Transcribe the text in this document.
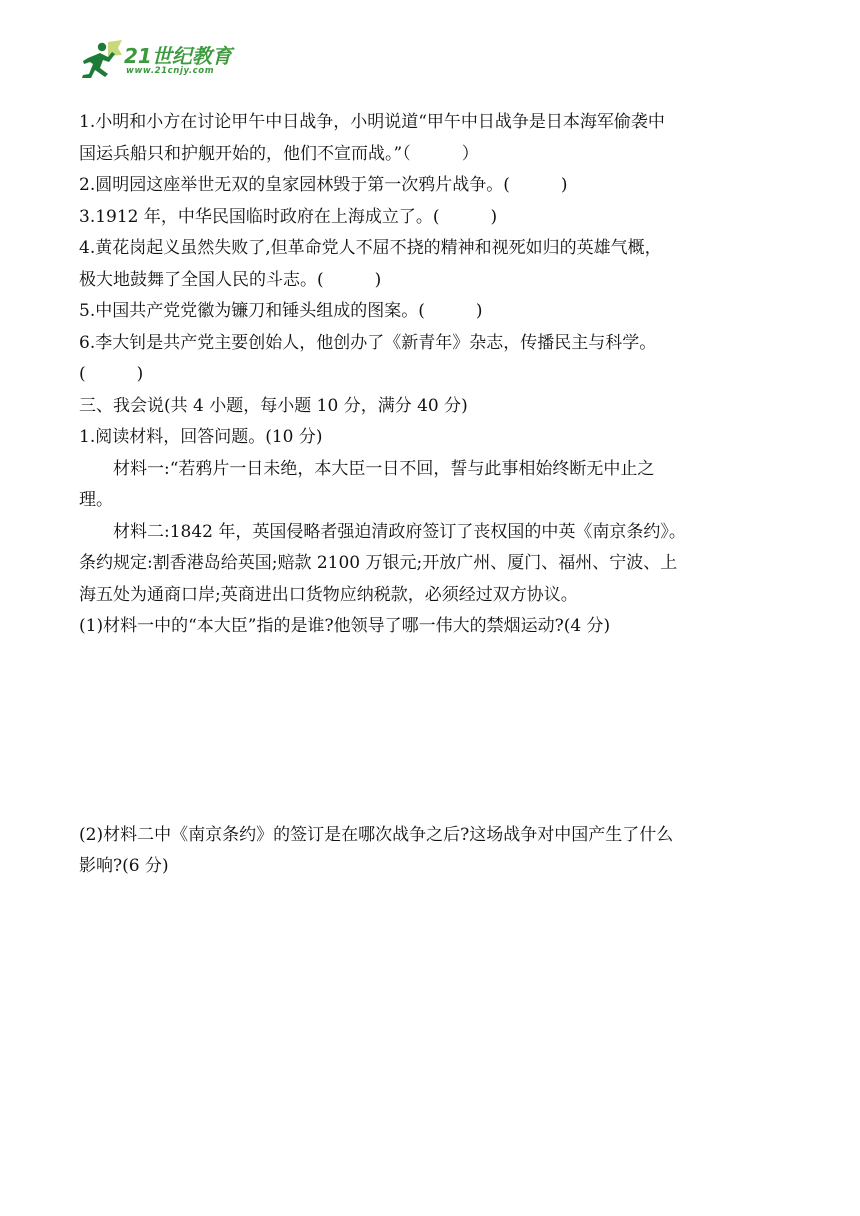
21世纪教育
www.21cnjy.com
1.小明和小方在讨论甲午中日战争，小明说道“甲午中日战争是日本海军偷袭中
国运兵船只和护舰开始的，他们不宣而战。”（　　　）
2.圆明园这座举世无双的皇家园林毁于第一次鸦片战争。(　　　)
3.1912 年，中华民国临时政府在上海成立了。(　　　)
4.黄花岗起义虽然失败了,但革命党人不屈不挠的精神和视死如归的英雄气概，
极大地鼓舞了全国人民的斗志。(　　　)
5.中国共产党党徽为镰刀和锤头组成的图案。(　　　)
6.李大钊是共产党主要创始人，他创办了《新青年》杂志，传播民主与科学。
(　　　)
三、我会说(共 4 小题，每小题 10 分，满分 40 分)
1.阅读材料，回答问题。(10 分)
材料一:“若鸦片一日未绝，本大臣一日不回，誓与此事相始终断无中止之
理。
材料二:1842 年，英国侵略者强迫清政府签订了丧权国的中英《南京条约》。
条约规定:割香港岛给英国;赔款 2100 万银元;开放广州、厦门、福州、宁波、上
海五处为通商口岸;英商进出口货物应纳税款，必须经过双方协议。
(1)材料一中的“本大臣”指的是谁?他领导了哪一伟大的禁烟运动?(4 分)
(2)材料二中《南京条约》的签订是在哪次战争之后?这场战争对中国产生了什么
影响?(6 分)
